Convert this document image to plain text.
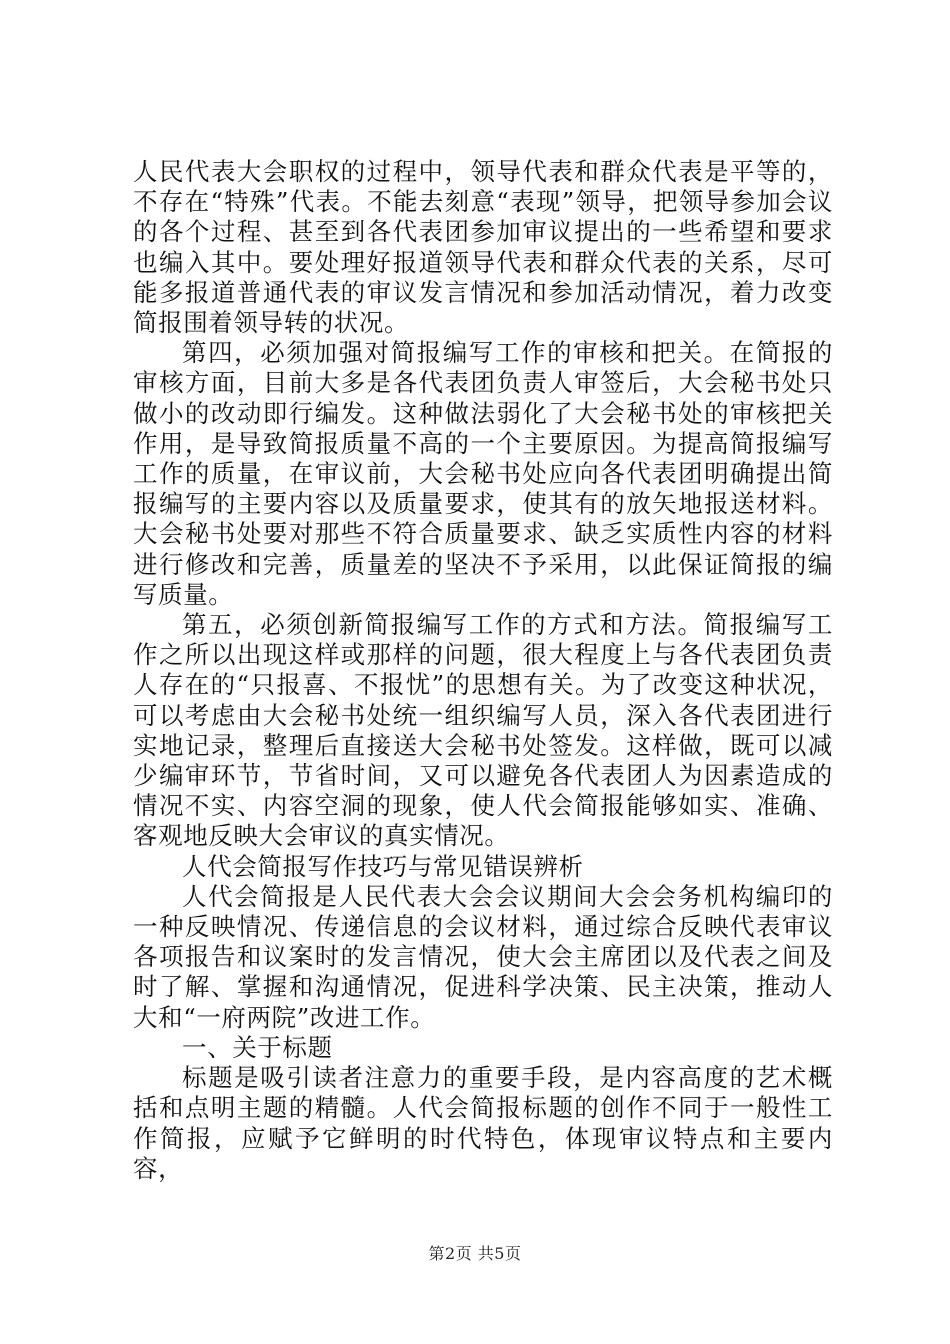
人民代表大会职权的过程中，领导代表和群众代表是平等的，不存在“特殊”代表。不能去刻意“表现”领导，把领导参加会议的各个过程、甚至到各代表团参加审议提出的一些希望和要求也编入其中。要处理好报道领导代表和群众代表的关系，尽可能多报道普通代表的审议发言情况和参加活动情况，着力改变简报围着领导转的状况。

第四，必须加强对简报编写工作的审核和把关。在简报的审核方面，目前大多是各代表团负责人审签后，大会秘书处只做小的改动即行编发。这种做法弱化了大会秘书处的审核把关作用，是导致简报质量不高的一个主要原因。为提高简报编写工作的质量，在审议前，大会秘书处应向各代表团明确提出简报编写的主要内容以及质量要求，使其有的放矢地报送材料。大会秘书处要对那些不符合质量要求、缺乏实质性内容的材料进行修改和完善，质量差的坚决不予采用，以此保证简报的编写质量。

第五，必须创新简报编写工作的方式和方法。简报编写工作之所以出现这样或那样的问题，很大程度上与各代表团负责人存在的“只报喜、不报忧”的思想有关。为了改变这种状况，可以考虑由大会秘书处统一组织编写人员，深入各代表团进行实地记录，整理后直接送大会秘书处签发。这样做，既可以减少编审环节，节省时间，又可以避免各代表团人为因素造成的情况不实、内容空洞的现象，使人代会简报能够如实、准确、客观地反映大会审议的真实情况。

人代会简报写作技巧与常见错误辨析

人代会简报是人民代表大会会议期间大会会务机构编印的一种反映情况、传递信息的会议材料，通过综合反映代表审议各项报告和议案时的发言情况，使大会主席团以及代表之间及时了解、掌握和沟通情况，促进科学决策、民主决策，推动人大和“一府两院”改进工作。

一、关于标题

标题是吸引读者注意力的重要手段，是内容高度的艺术概括和点明主题的精髓。人代会简报标题的创作不同于一般性工作简报，应赋予它鲜明的时代特色，体现审议特点和主要内容，

第2页 共5页
